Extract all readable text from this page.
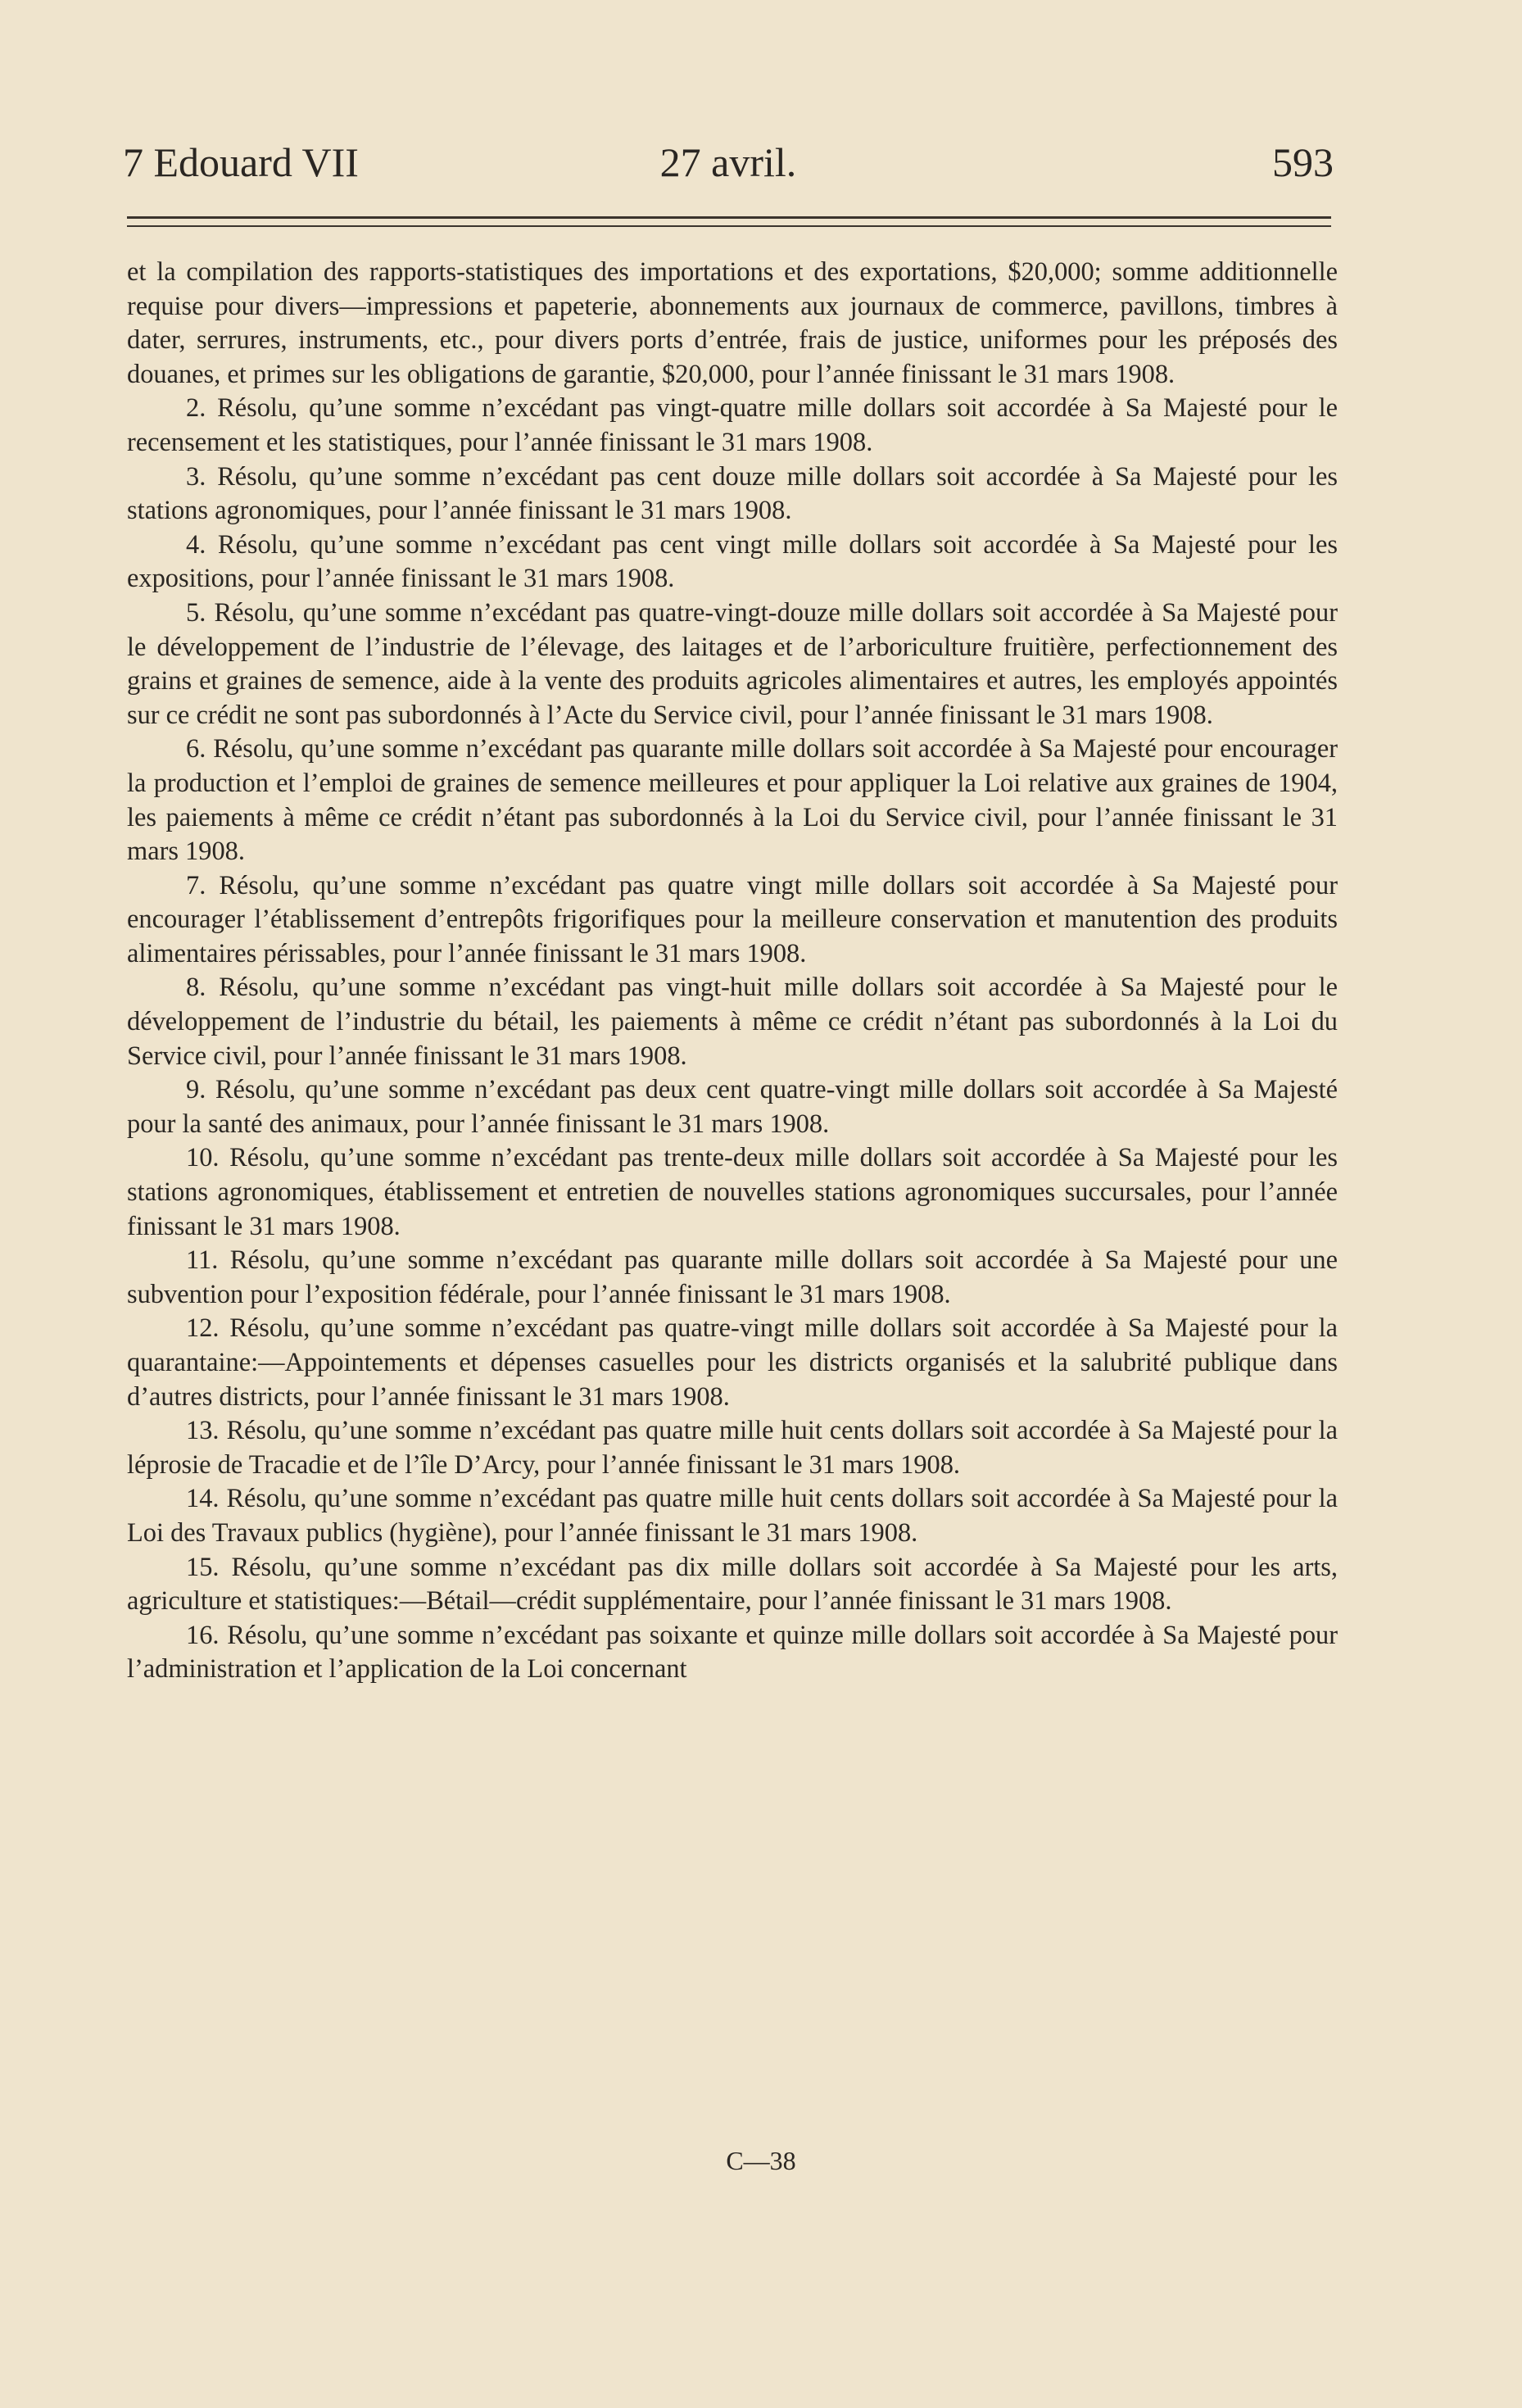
7 Edouard VII	27 avril.	593

et la compilation des rapports-statistiques des importations et des exportations, $20,000; somme additionnelle requise pour divers—impressions et papeterie, abonnements aux journaux de commerce, pavillons, timbres à dater, serrures, instruments, etc., pour divers ports d’entrée, frais de justice, uniformes pour les préposés des douanes, et primes sur les obligations de garantie, $20,000, pour l’année finissant le 31 mars 1908.

2. Résolu, qu’une somme n’excédant pas vingt-quatre mille dollars soit accordée à Sa Majesté pour le recensement et les statistiques, pour l’année finissant le 31 mars 1908.

3. Résolu, qu’une somme n’excédant pas cent douze mille dollars soit accordée à Sa Majesté pour les stations agronomiques, pour l’année finissant le 31 mars 1908.

4. Résolu, qu’une somme n’excédant pas cent vingt mille dollars soit accordée à Sa Majesté pour les expositions, pour l’année finissant le 31 mars 1908.

5. Résolu, qu’une somme n’excédant pas quatre-vingt-douze mille dollars soit accordée à Sa Majesté pour le développement de l’industrie de l’élevage, des laitages et de l’arboriculture fruitière, perfectionnement des grains et graines de semence, aide à la vente des produits agricoles alimentaires et autres, les employés appointés sur ce crédit ne sont pas subordonnés à l’Acte du Service civil, pour l’année finissant le 31 mars 1908.

6. Résolu, qu’une somme n’excédant pas quarante mille dollars soit accordée à Sa Majesté pour encourager la production et l’emploi de graines de semence meilleures et pour appliquer la Loi relative aux graines de 1904, les paiements à même ce crédit n’étant pas subordonnés à la Loi du Service civil, pour l’année finissant le 31 mars 1908.

7. Résolu, qu’une somme n’excédant pas quatre vingt mille dollars soit accordée à Sa Majesté pour encourager l’établissement d’entrepôts frigorifiques pour la meilleure conservation et manutention des produits alimentaires périssables, pour l’année finissant le 31 mars 1908.

8. Résolu, qu’une somme n’excédant pas vingt-huit mille dollars soit accordée à Sa Majesté pour le développement de l’industrie du bétail, les paiements à même ce crédit n’étant pas subordonnés à la Loi du Service civil, pour l’année finissant le 31 mars 1908.

9. Résolu, qu’une somme n’excédant pas deux cent quatre-vingt mille dollars soit accordée à Sa Majesté pour la santé des animaux, pour l’année finissant le 31 mars 1908.

10. Résolu, qu’une somme n’excédant pas trente-deux mille dollars soit accordée à Sa Majesté pour les stations agronomiques, établissement et entretien de nouvelles stations agronomiques succursales, pour l’année finissant le 31 mars 1908.

11. Résolu, qu’une somme n’excédant pas quarante mille dollars soit accordée à Sa Majesté pour une subvention pour l’exposition fédérale, pour l’année finissant le 31 mars 1908.

12. Résolu, qu’une somme n’excédant pas quatre-vingt mille dollars soit accordée à Sa Majesté pour la quarantaine:—Appointements et dépenses casuelles pour les districts organisés et la salubrité publique dans d’autres districts, pour l’année finissant le 31 mars 1908.

13. Résolu, qu’une somme n’excédant pas quatre mille huit cents dollars soit accordée à Sa Majesté pour la léprosie de Tracadie et de l’île D’Arcy, pour l’année finissant le 31 mars 1908.

14. Résolu, qu’une somme n’excédant pas quatre mille huit cents dollars soit accordée à Sa Majesté pour la Loi des Travaux publics (hygiène), pour l’année finissant le 31 mars 1908.

15. Résolu, qu’une somme n’excédant pas dix mille dollars soit accordée à Sa Majesté pour les arts, agriculture et statistiques:—Bétail—crédit supplémentaire, pour l’année finissant le 31 mars 1908.

16. Résolu, qu’une somme n’excédant pas soixante et quinze mille dollars soit accordée à Sa Majesté pour l’administration et l’application de la Loi concernant

C—38
